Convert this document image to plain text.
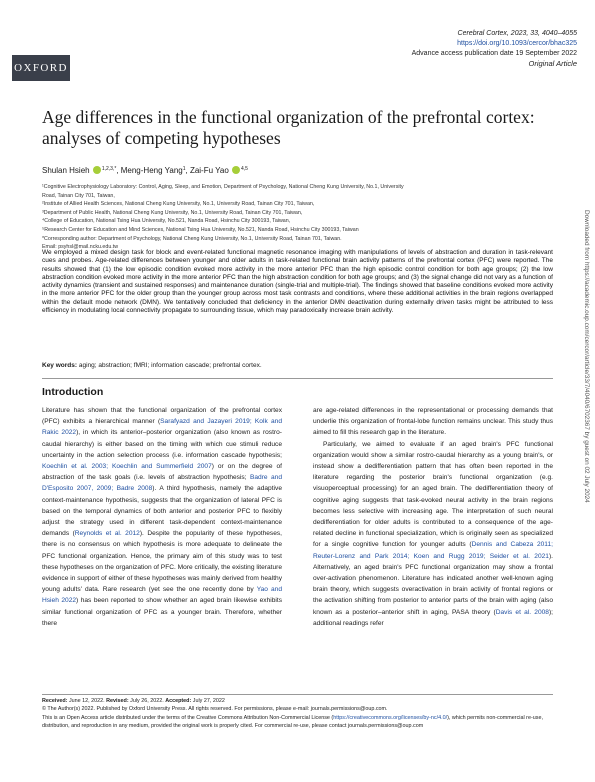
OXFORD
Cerebral Cortex, 2023, 33, 4040–4055
https://doi.org/10.1093/cercor/bhac325
Advance access publication date 19 September 2022
Original Article
Age differences in the functional organization of the prefrontal cortex: analyses of competing hypotheses
Shulan Hsieh $^{1,2,3,*}$, Meng-Heng Yang$^1$, Zai-Fu Yao $^{4,5}$
¹Cognitive Electrophysiology Laboratory: Control, Aging, Sleep, and Emotion, Department of Psychology, National Cheng Kung University, No.1, University
Road, Tainan City 701, Taiwan,
²Institute of Allied Health Sciences, National Cheng Kung University, No.1, University Road, Tainan City 701, Taiwan,
³Department of Public Health, National Cheng Kung University, No.1, University Road, Tainan City 701, Taiwan,
⁴College of Education, National Tsing Hua University, No.521, Nanda Road, Hsinchu City 300193, Taiwan,
⁵Research Center for Education and Mind Sciences, National Tsing Hua University, No.521, Nanda Road, Hsinchu City 300193, Taiwan
*Corresponding author: Department of Psychology, National Cheng Kung University, No.1, University Road, Tainan 701, Taiwan.
Email: psyhsl@mail.ncku.edu.tw
We employed a mixed design task for block and event-related functional magnetic resonance imaging with manipulations of levels of abstraction and duration in task-relevant cues and probes. Age-related differences between younger and older adults in task-related functional brain activity patterns of the prefrontal cortex (PFC) were reported. The results showed that (1) the low episodic condition evoked more activity in the more anterior PFC than the high episodic control condition for both age groups; (2) the low abstraction condition evoked more activity in the more anterior PFC than the high abstraction condition for both age groups; and (3) the signal change did not vary as a function of activity dynamics (transient and sustained responses) and maintenance duration (single-trial and multiple-trial). The findings showed that baseline conditions evoked more activity in the more anterior PFC for the older group than the younger group across most task contrasts and conditions, where these additional activities in the brain regions overlapped within the default mode network (DMN). We tentatively concluded that deficiency in the anterior DMN deactivation during externally driven tasks might be attributed to less efficiency in modulating local connectivity propagate to surrounding tissue, which may paradoxically increase brain activity.
Key words: aging; abstraction; fMRI; information cascade; prefrontal cortex.
Introduction

Literature has shown that the functional organization of the prefrontal cortex (PFC) exhibits a hierarchical manner (Sarafyazd and Jazayeri 2019; Kolk and Rakic 2022), in which its anterior–posterior organization (also known as rostro-caudal hierarchy) is either based on the timing with which cue stimuli reduce uncertainty in the action selection process (i.e. information cascade hypothesis; Koechlin et al. 2003; Koechlin and Summerfield 2007) or on the degree of abstraction of the task goals (i.e. levels of abstraction hypothesis; Badre and D'Esposito 2007, 2009; Badre 2008). A third hypothesis, namely the adaptive context-maintenance hypothesis, suggests that the organization of lateral PFC is based on the temporal dynamics of both anterior and posterior PFC to flexibly adjust the strategy used in different task-dependent context-maintenance demands (Reynolds et al. 2012). Despite the popularity of these hypotheses, there is no consensus on which hypothesis is more adequate to delineate the PFC functional organization. Hence, the primary aim of this study was to test these hypotheses on the organization of PFC. More critically, the existing literature evidence in support of either of these hypotheses was mainly derived from healthy young adults' data. Rare research (yet see the one recently done by Yao and Hsieh 2022) has been reported to show whether an aged brain likewise exhibits similar functional organization of PFC as a younger brain. Therefore, whether there

are age-related differences in the representational or processing demands that underlie this organization of frontal-lobe function remains unclear. This study thus aimed to fill this research gap in the literature.

Particularly, we aimed to evaluate if an aged brain's PFC functional organization would show a similar rostro-caudal hierarchy as a young brain's, or instead show a dedifferentiation pattern that has often been reported in the literature regarding the posterior brain's functional organization (e.g. visuoperceptual processing) for an aged brain. The dedifferentiation theory of cognitive aging suggests that task-evoked neural activity in the brain regions becomes less selective with increasing age. The interpretation of such neural dedifferentiation for older adults is contributed to a consequence of the age-related decline in functional specialization, which is originally seen as specialized for a single cognitive function for younger adults (Dennis and Cabeza 2011; Reuter-Lorenz and Park 2014; Koen and Rugg 2019; Seider et al. 2021). Alternatively, an aged brain's PFC functional organization may show a frontal over-activation phenomenon. Literature has indicated another well-known aging brain theory, which suggests overactivation in brain activity of frontal regions or the activation shifting from posterior to anterior parts of the brain with aging (also known as a posterior–anterior shift in aging, PASA theory (Davis et al. 2008); additional readings refer

Received: June 12, 2022. Revised: July 26, 2022. Accepted: July 27, 2022
© The Author(s) 2022. Published by Oxford University Press. All rights reserved. For permissions, please e-mail: journals.permissions@oup.com.
This is an Open Access article distributed under the terms of the Creative Commons Attribution Non-Commercial License (https://creativecommons.org/licenses/by-nc/4.0/), which permits non-commercial re-use, distribution, and reproduction in any medium, provided the original work is properly cited. For commercial re-use, please contact journals.permissions@oup.com
Downloaded from https://academic.oup.com/cercor/article/33/7/4040/6702367 by guest on 02 July 2024
